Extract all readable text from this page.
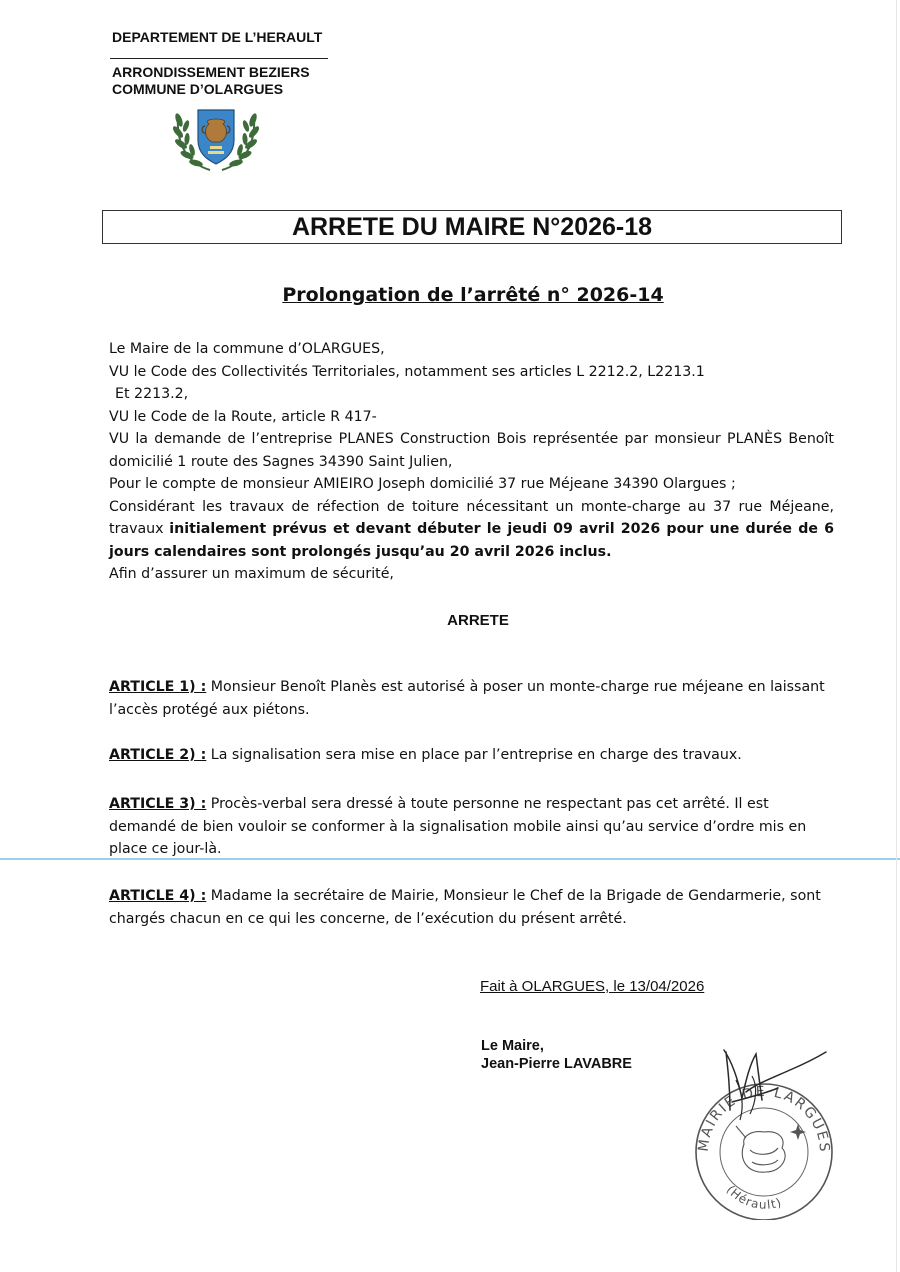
DEPARTEMENT DE L’HERAULT
ARRONDISSEMENT BEZIERS
COMMUNE D’OLARGUES
ARRETE DU MAIRE N°2026-18
Prolongation de l’arrêté n° 2026-14

Le Maire de la commune d’OLARGUES,

VU le Code des Collectivités Territoriales, notamment ses articles L 2212.2, L2213.1

Et 2213.2,

VU le Code de la Route, article R 417-

VU la demande de l’entreprise PLANES Construction Bois représentée par monsieur PLANÈS Benoît domicilié 1 route des Sagnes 34390 Saint Julien,

Pour le compte de monsieur AMIEIRO Joseph domicilié 37 rue Méjeane 34390 Olargues ;

Considérant les travaux de réfection de toiture nécessitant un monte-charge au 37 rue Méjeane, travaux initialement prévus et devant débuter le jeudi 09 avril 2026 pour une durée de 6 jours calendaires sont prolongés jusqu’au 20 avril 2026 inclus.

Afin d’assurer un maximum de sécurité,

ARRETE

ARTICLE 1) : Monsieur Benoît Planès est autorisé à poser un monte-charge rue méjeane en laissant l’accès protégé aux piétons.

ARTICLE 2) : La signalisation sera mise en place par l’entreprise en charge des travaux.

ARTICLE 3) : Procès-verbal sera dressé à toute personne ne respectant pas cet arrêté. Il est demandé de bien vouloir se conformer à la signalisation mobile ainsi qu’au service d’ordre mis en place ce jour-là.

ARTICLE 4) : Madame la secrétaire de Mairie, Monsieur le Chef de la Brigade de Gendarmerie, sont chargés chacun en ce qui les concerne, de l’exécution du présent arrêté.

Fait à OLARGUES, le 13/04/2026
Le Maire,
Jean-Pierre LAVABRE
MAIRIE DE LARGUES
(Hérault)
